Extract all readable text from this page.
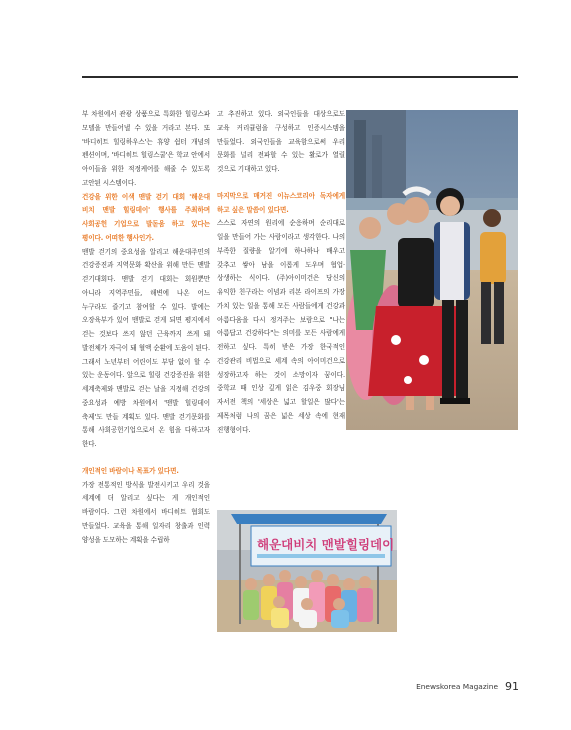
부 차원에서 관광 상품으로 특화한 힐링스파 모델을 만들어낼 수 있을 거라고 본다. 또 '바디히트 힐링하우스'는 휴양 쉼터 개념의 펜션이며, '바디히트 힐링스쿨'은 학교 안에서 아이들을 위한 적정케어를 해줄 수 있도록 고안된 시스템이다.

건강을 위한 이색 맨발 걷기 대회 '해운대 비치 맨발 힐링데이' 행사를 주최하며 사회공헌 기업으로 발돋움 하고 있다는 평이다. 어떠한 행사인가.

맨발 걷기의 중요성을 알리고 해운대주민의 건강증진과 지역문화 확산을 위해 만든 맨발 걷기대회다. 맨발 걷기 대회는 회원뿐만 아니라 지역주민들, 해변에 나온 어느 누구라도 즐기고 참여할 수 있다. 발에는 오장육부가 있어 맨발로 걷게 되면 평지에서 걷는 것보다 쓰지 않던 근육까지 쓰게 돼 발전체가 자극이 돼 혈액 순환에 도움이 된다. 그래서 노년부터 어린이도 부담 없이 할 수 있는 운동이다. 앞으로 힐링 건강증진을 위한 세계축제와 맨발로 걷는 날을 지정해 건강의 중요성과 예방 차원에서 '맨발 힐링데이 축제'도 만들 계획도 있다. 맨발 걷기문화를 통해 사회공헌기업으로서 온 힘을 다하고자 한다.

개인적인 바람이나 목표가 있다면.

가장 전통적인 방식을 발전시키고 우리 것을 세계에 더 알리고 싶다는 게 개인적인 바람이다. 그런 차원에서 바디히트 협회도 만들었다. 교육을 통해 일자리 창출과 인력 양성을 도모하는 계획을 수립하

고 추진하고 있다. 외국인들을 대상으로도 교육 커리큘럼을 구성하고 인증시스템을 만들었다. 외국인들을 교육함으로써 우리 문화를 널리 전파할 수 있는 활로가 열릴 것으로 기대하고 있다.

마지막으로 매거진 이뉴스코리아 독자에게 하고 싶은 말씀이 있다면.

스스로 자연의 원리에 순응하며 순리대로 일을 만들어 가는 사람이라고 생각한다. 나의 부족한 질량을 알기에 하나하나 배우고 갖추고 쌓아 남을 이롭게 도우며 협업·상생하는 식이다. (주)아이미건은 당신의 유익한 친구라는 이념과 리본 라이프의 가장 가치 있는 일을 통해 모든 사람들에게 건강과 아름다움을 다시 정겨주는 보람으로 "나는 아름답고 건강하다"는 의미를 모든 사람에게 전하고 싶다. 특히 받은 가장 한국적인 건강관리 비법으로 세계 속의 아이미건으로 성장하고자 하는 것이 소망이자 꿈이다. 중학교 때 인상 깊게 읽은 김우중 회장님 자서전 책의 '세상은 넓고 할일은 많다'는 제목처럼 나의 꿈은 넓은 세상 속에 현재 진행형이다.

해운대비치 맨발힐링데이
Enewskorea Magazine 91
